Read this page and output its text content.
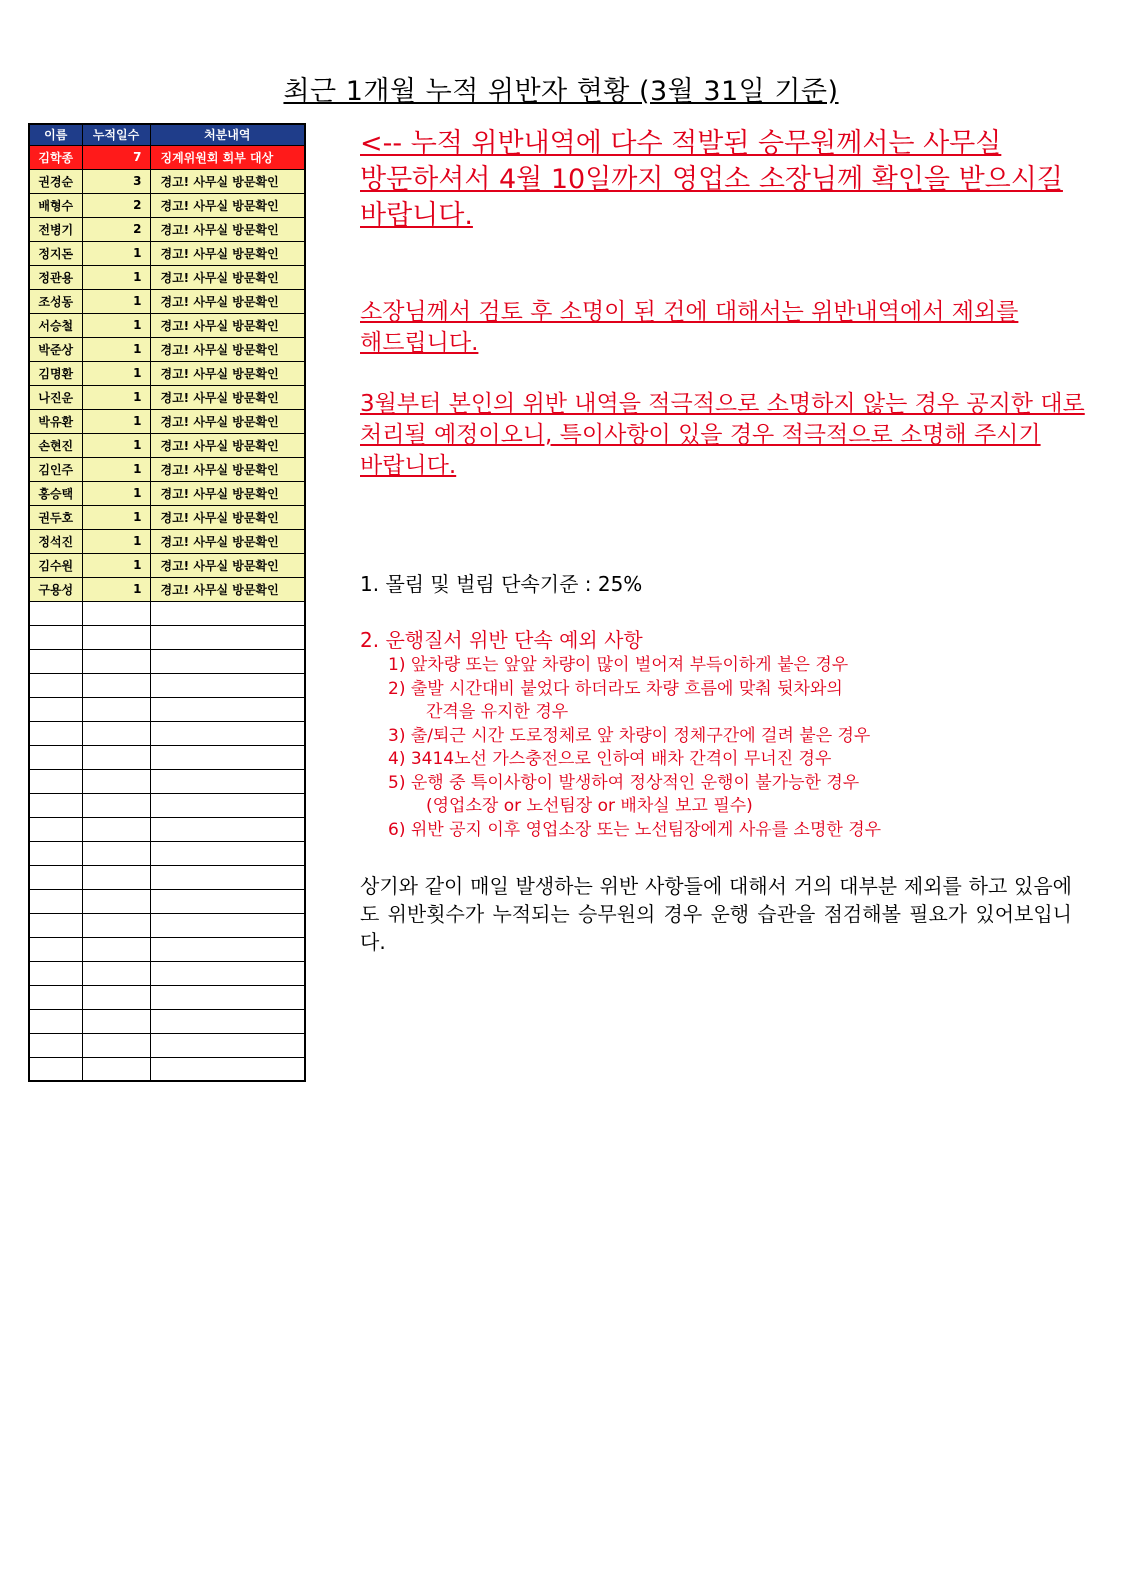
최근 1개월 누적 위반자 현황 (3월 31일 기준)
이름	누적일수	처분내역
김학종	7	징계위원회 회부 대상
권경순	3	경고! 사무실 방문확인
배형수	2	경고! 사무실 방문확인
전병기	2	경고! 사무실 방문확인
정지돈	1	경고! 사무실 방문확인
정관용	1	경고! 사무실 방문확인
조성동	1	경고! 사무실 방문확인
서승철	1	경고! 사무실 방문확인
박준상	1	경고! 사무실 방문확인
김명환	1	경고! 사무실 방문확인
나진운	1	경고! 사무실 방문확인
박유환	1	경고! 사무실 방문확인
손현진	1	경고! 사무실 방문확인
김인주	1	경고! 사무실 방문확인
홍승택	1	경고! 사무실 방문확인
권두호	1	경고! 사무실 방문확인
정석진	1	경고! 사무실 방문확인
김수원	1	경고! 사무실 방문확인
구용성	1	경고! 사무실 방문확인

<-- 누적 위반내역에 다수 적발된 승무원께서는 사무실 방문하셔서 4월 10일까지 영업소 소장님께 확인을 받으시길 바랍니다.
소장님께서 검토 후 소명이 된 건에 대해서는 위반내역에서 제외를 해드립니다.
3월부터 본인의 위반 내역을 적극적으로 소명하지 않는 경우 공지한 대로 처리될 예정이오니, 특이사항이 있을 경우 적극적으로 소명해 주시기 바랍니다.
1. 몰림 및 벌림 단속기준 : 25%
2. 운행질서 위반 단속 예외 사항
1) 앞차량 또는 앞앞 차량이 많이 벌어져 부득이하게 붙은 경우
2) 출발 시간대비 붙었다 하더라도 차량 흐름에 맞춰 뒷차와의
간격을 유지한 경우
3) 출/퇴근 시간 도로정체로 앞 차량이 정체구간에 걸려 붙은 경우
4) 3414노선 가스충전으로 인하여 배차 간격이 무너진 경우
5) 운행 중 특이사항이 발생하여 정상적인 운행이 불가능한 경우
(영업소장 or 노선팀장 or 배차실 보고 필수)
6) 위반 공지 이후 영업소장 또는 노선팀장에게 사유를 소명한 경우
상기와 같이 매일 발생하는 위반 사항들에 대해서 거의 대부분 제외를 하고 있음에도 위반횟수가 누적되는 승무원의 경우 운행 습관을 점검해볼 필요가 있어보입니다.
